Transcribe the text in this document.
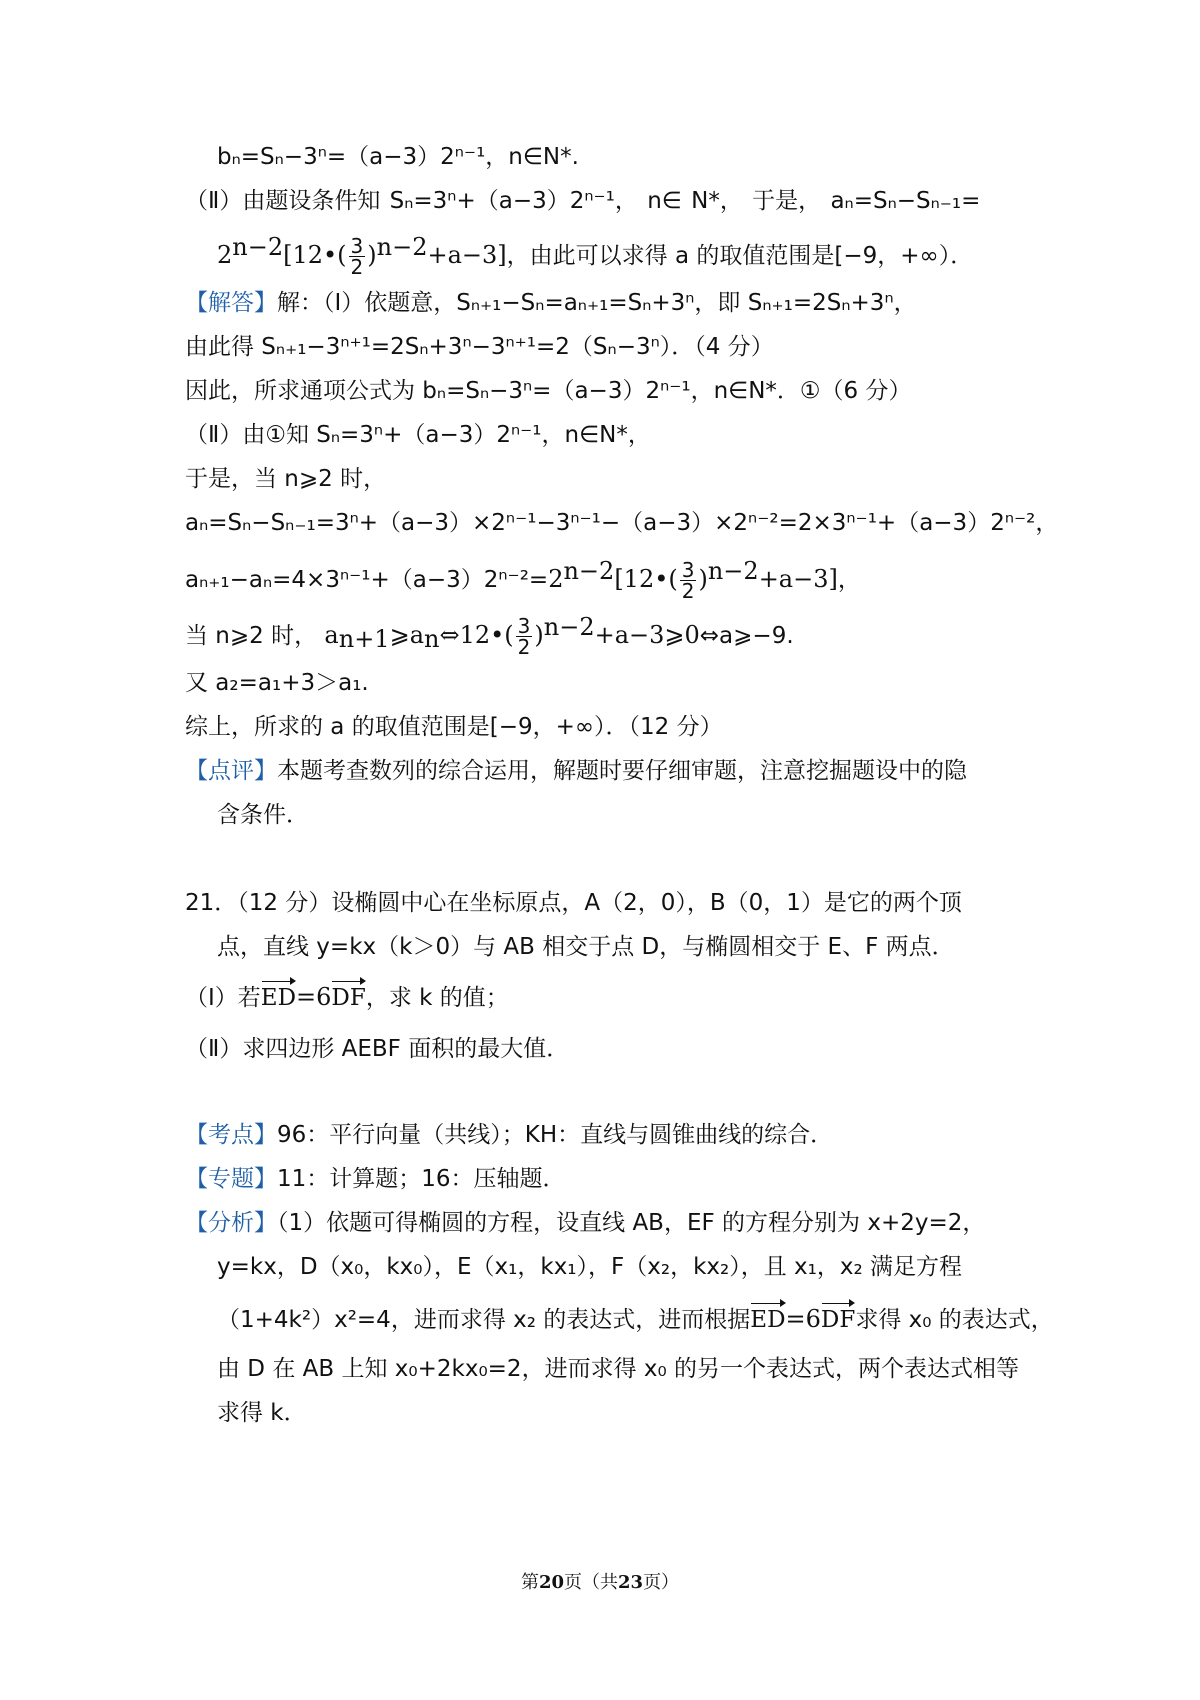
bₙ=Sₙ−3ⁿ=（a−3）2ⁿ⁻¹，n∈N*.
（Ⅱ）由题设条件知 Sₙ=3ⁿ+（a−3）2ⁿ⁻¹， n∈ N*， 于是， aₙ=Sₙ−Sₙ₋₁=
$2^{n-2}[12•( \frac{3}{2} )^{n-2}+a-3]$，由此可以求得 a 的取值范围是[−9，+∞）．
【解答】解：（Ⅰ）依题意，Sₙ₊₁−Sₙ=aₙ₊₁=Sₙ+3ⁿ，即 Sₙ₊₁=2Sₙ+3ⁿ，
由此得 Sₙ₊₁−3ⁿ⁺¹=2Sₙ+3ⁿ−3ⁿ⁺¹=2（Sₙ−3ⁿ）．（4 分）
因此，所求通项公式为 bₙ=Sₙ−3ⁿ=（a−3）2ⁿ⁻¹，n∈N*．①（6 分）
（Ⅱ）由①知 Sₙ=3ⁿ+（a−3）2ⁿ⁻¹，n∈N*，
于是，当 n⩾2 时，
aₙ=Sₙ−Sₙ₋₁=3ⁿ+（a−3）×2ⁿ⁻¹−3ⁿ⁻¹−（a−3）×2ⁿ⁻²=2×3ⁿ⁻¹+（a−3）2ⁿ⁻²，
$a_{n+1}-a_n=4\times 3^{n-1}+(a-3)2^{n-2}=2^{n-2}[12•( \frac{3}{2} )^{n-2}+a-3]$，
当 n⩾2 时， $a_{n+1}⩾a_n\Leftrightarrow 12•( \frac{3}{2}$ )$^{n-2}$+a−3⩾0⇔a⩾−9.
又 a₂=a₁+3＞a₁.
综上，所求的 a 的取值范围是[−9，+∞）．（12 分）
【点评】本题考查数列的综合运用，解题时要仔细审题，注意挖掘题设中的隐
含条件．
21．（12 分）设椭圆中心在坐标原点，A（2，0），B（0，1）是它的两个顶
点，直线 y=kx（k＞0）与 AB 相交于点 D，与椭圆相交于 E、F 两点．
（Ⅰ）若ED=6DF，求 k 的值；
（Ⅱ）求四边形 AEBF 面积的最大值．
【考点】96：平行向量（共线）；KH：直线与圆锥曲线的综合．
【专题】11：计算题；16：压轴题．
【分析】（1）依题可得椭圆的方程，设直线 AB，EF 的方程分别为 x+2y=2，
y=kx，D（x₀，kx₀），E（x₁，kx₁），F（x₂，kx₂），且 x₁，x₂ 满足方程
（1+4k²）x²=4，进而求得 x₂ 的表达式，进而根据ED=6DF求得 x₀ 的表达式，
由 D 在 AB 上知 x₀+2kx₀=2，进而求得 x₀ 的另一个表达式，两个表达式相等
求得 k．
第20页（共23页）
